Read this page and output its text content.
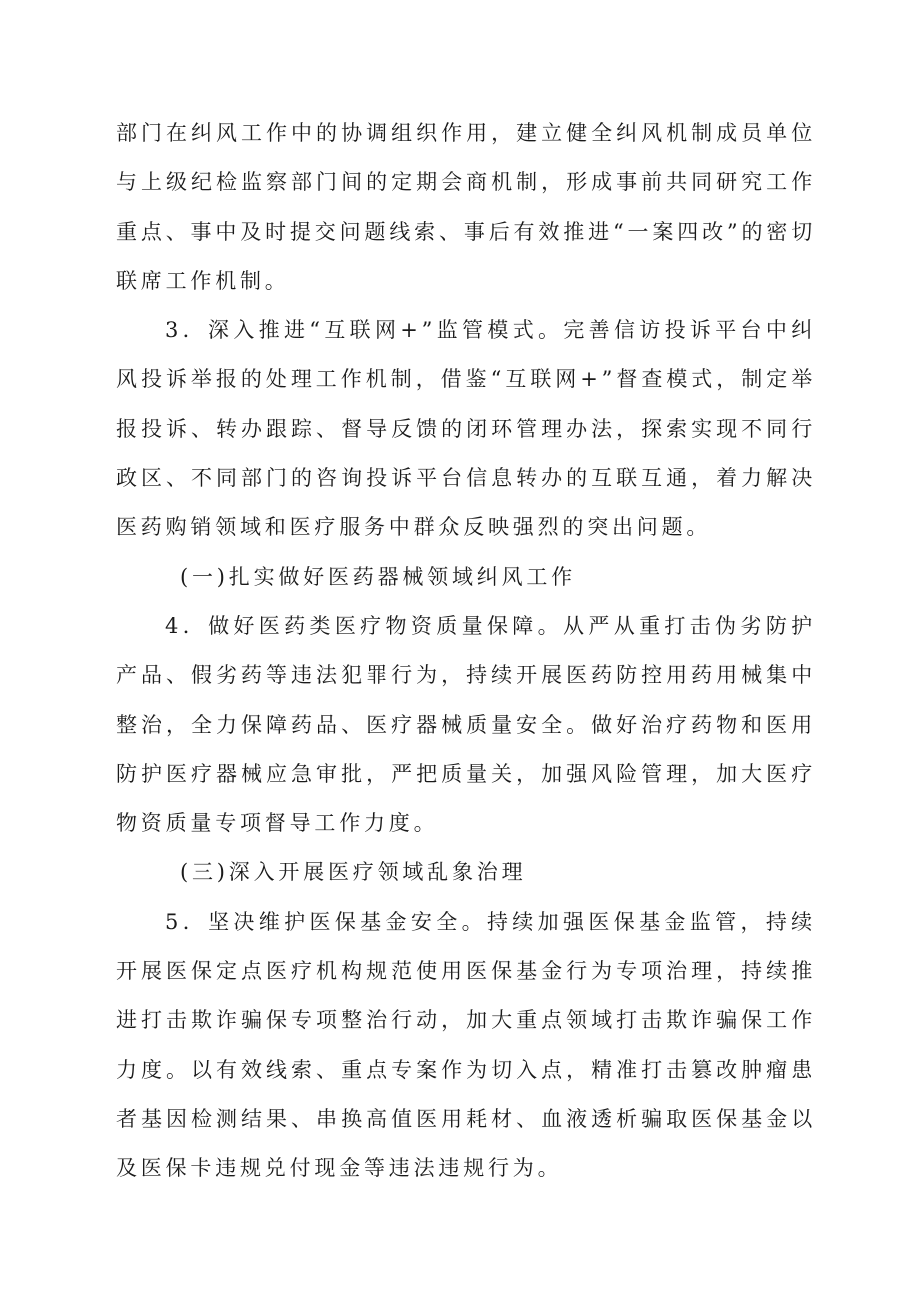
部门在纠风工作中的协调组织作用，建立健全纠风机制成员单位与上级纪检监察部门间的定期会商机制，形成事前共同研究工作重点、事中及时提交问题线索、事后有效推进“一案四改”的密切联席工作机制。

3．深入推进“互联网+”监管模式。完善信访投诉平台中纠风投诉举报的处理工作机制，借鉴“互联网+”督查模式，制定举报投诉、转办跟踪、督导反馈的闭环管理办法，探索实现不同行政区、不同部门的咨询投诉平台信息转办的互联互通，着力解决医药购销领域和医疗服务中群众反映强烈的突出问题。

(一)扎实做好医药器械领域纠风工作

4．做好医药类医疗物资质量保障。从严从重打击伪劣防护产品、假劣药等违法犯罪行为，持续开展医药防控用药用械集中整治，全力保障药品、医疗器械质量安全。做好治疗药物和医用防护医疗器械应急审批，严把质量关，加强风险管理，加大医疗物资质量专项督导工作力度。

(三)深入开展医疗领域乱象治理

5．坚决维护医保基金安全。持续加强医保基金监管，持续开展医保定点医疗机构规范使用医保基金行为专项治理，持续推进打击欺诈骗保专项整治行动，加大重点领域打击欺诈骗保工作力度。以有效线索、重点专案作为切入点，精准打击篡改肿瘤患者基因检测结果、串换高值医用耗材、血液透析骗取医保基金以及医保卡违规兑付现金等违法违规行为。
